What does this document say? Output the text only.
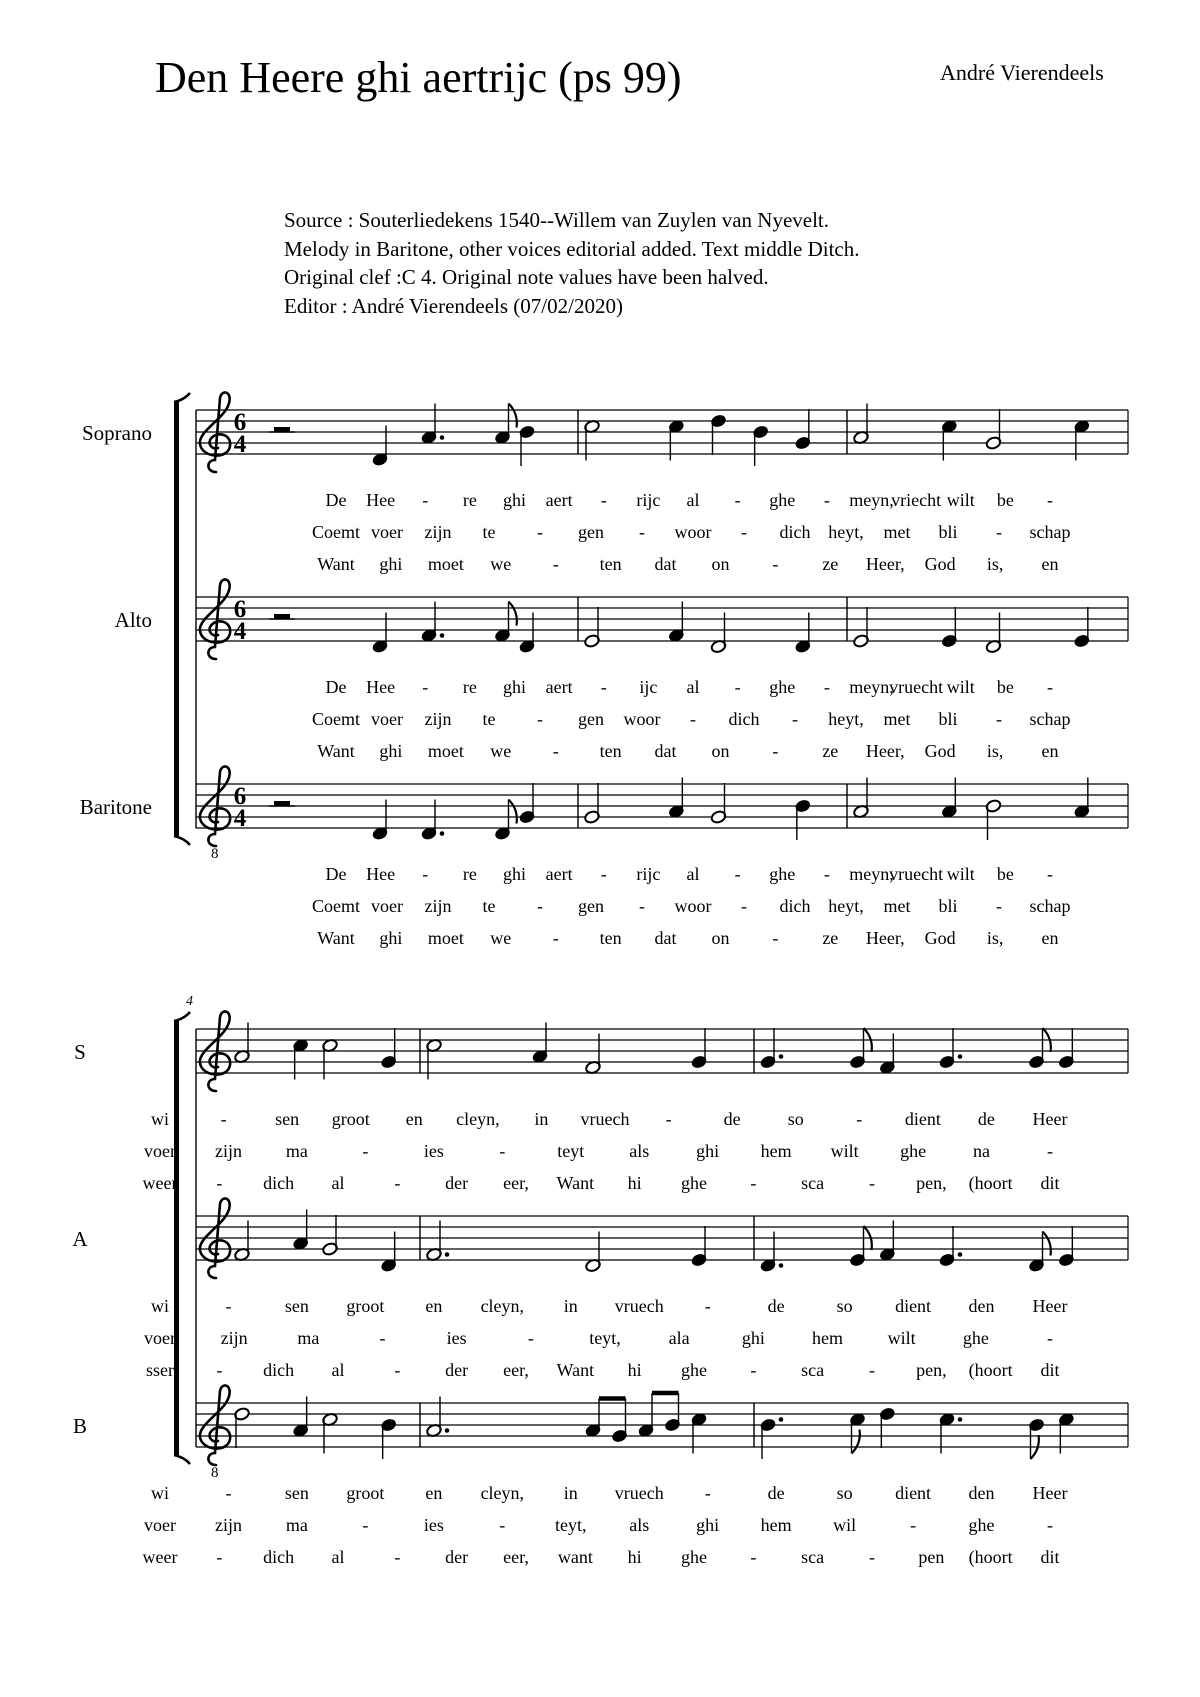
Den Heere ghi aertrijc (ps 99)	André Vierendeels
Source : Souterliedekens 1540--Willem van Zuylen van Nyevelt.
Melody in Baritone, other voices editorial added. Text middle Ditch.
Original clef :C 4. Original note values have been halved.
Editor : André Vierendeels (07/02/2020)
Soprano	6
4
De Hee - re ghi aert - rijc al - ghe - meyn,
vriecht wilt be -
Coemt voer zijn te - gen - woor - dich heyt, met bli - schap
Want ghi moet we - ten dat on - ze Heer, God is, en
Alto	6
4
De Hee - re ghi aert - ijc al - ghe - meyn,
vruecht wilt be -
Coemt voer zijn te - gen woor - dich - heyt, met bli - schap
Want ghi moet we - ten dat on - ze Heer, God is, en
Baritone
8
6
4
De Hee - re ghi aert - rijc al - ghe - meyn,
vruecht wilt be -
Coemt voer zijn te - gen - woor - dich heyt, met bli - schap
Want ghi moet we - ten dat on - ze Heer, God is, en
4
S
wi	-	sen groot en cleyn, in vruech -	de	so	- dient de Heer
voer zijn ma	-	ies	-	teyt als	ghi hem wilt ghe	na	-
weer - dich al	- der eer, Want hi ghe - sca - pen, (hoort dit
A
wi	-	sen groot en cleyn, in vruech -	de	so dient den Heer
voer zijn	ma	-	ies	-	teyt,	ala	ghi	hem wilt	ghe	-
sser - dich al	- der eer, Want hi ghe - sca - pen, (hoort dit
B
8
wi	-	sen groot en cleyn, in vruech -	de	so dient den Heer
voer zijn ma	-	ies	-	teyt, als	ghi hem wil	-	ghe	-
weer - dich al	- der eer, want hi ghe - sca - pen (hoort dit
